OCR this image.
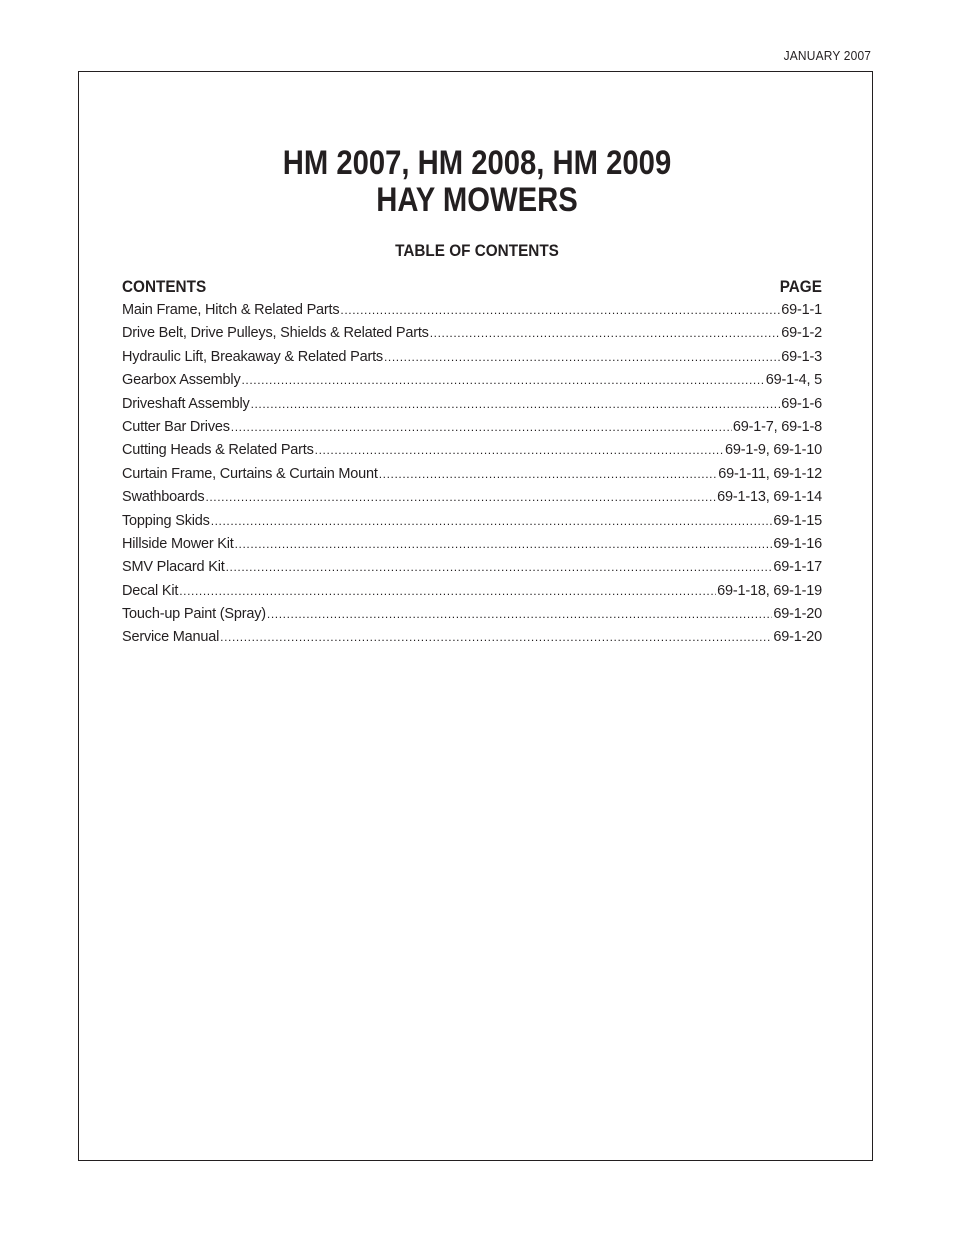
JANUARY 2007
HM 2007, HM 2008, HM 2009
HAY MOWERS
TABLE OF CONTENTS
CONTENTS	PAGE
Main Frame, Hitch & Related Parts .....	69-1-1
Drive Belt, Drive Pulleys, Shields & Related Parts .....	69-1-2
Hydraulic Lift, Breakaway & Related Parts .....	69-1-3
Gearbox Assembly .....	69-1-4, 5
Driveshaft Assembly .....	69-1-6
Cutter Bar Drives .....	69-1-7, 69-1-8
Cutting Heads & Related Parts .....	69-1-9, 69-1-10
Curtain Frame, Curtains & Curtain Mount .....	69-1-11, 69-1-12
Swathboards .....	69-1-13, 69-1-14
Topping Skids .....	69-1-15
Hillside Mower Kit .....	69-1-16
SMV Placard Kit .....	69-1-17
Decal Kit .....	69-1-18, 69-1-19
Touch-up Paint (Spray) .....	69-1-20
Service Manual .....	69-1-20
